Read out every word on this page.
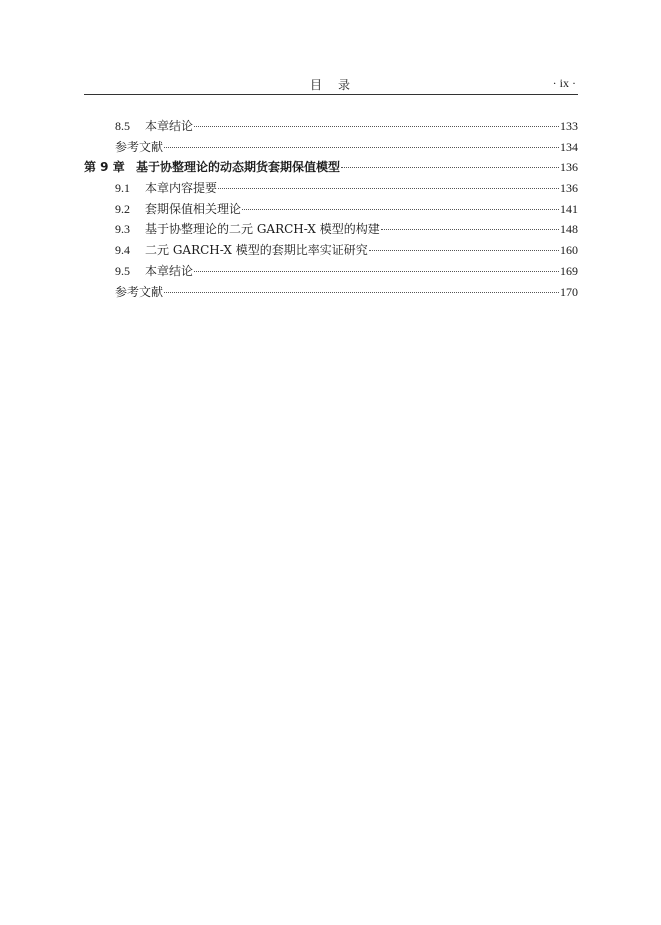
目　录	· ix ·
8.5	本章结论	133
参考文献	134
第 9 章 基于协整理论的动态期货套期保值模型	136
9.1	本章内容提要	136
9.2	套期保值相关理论	141
9.3	基于协整理论的二元 GARCH-X 模型的构建	148
9.4	二元 GARCH-X 模型的套期比率实证研究	160
9.5	本章结论	169
参考文献	170
